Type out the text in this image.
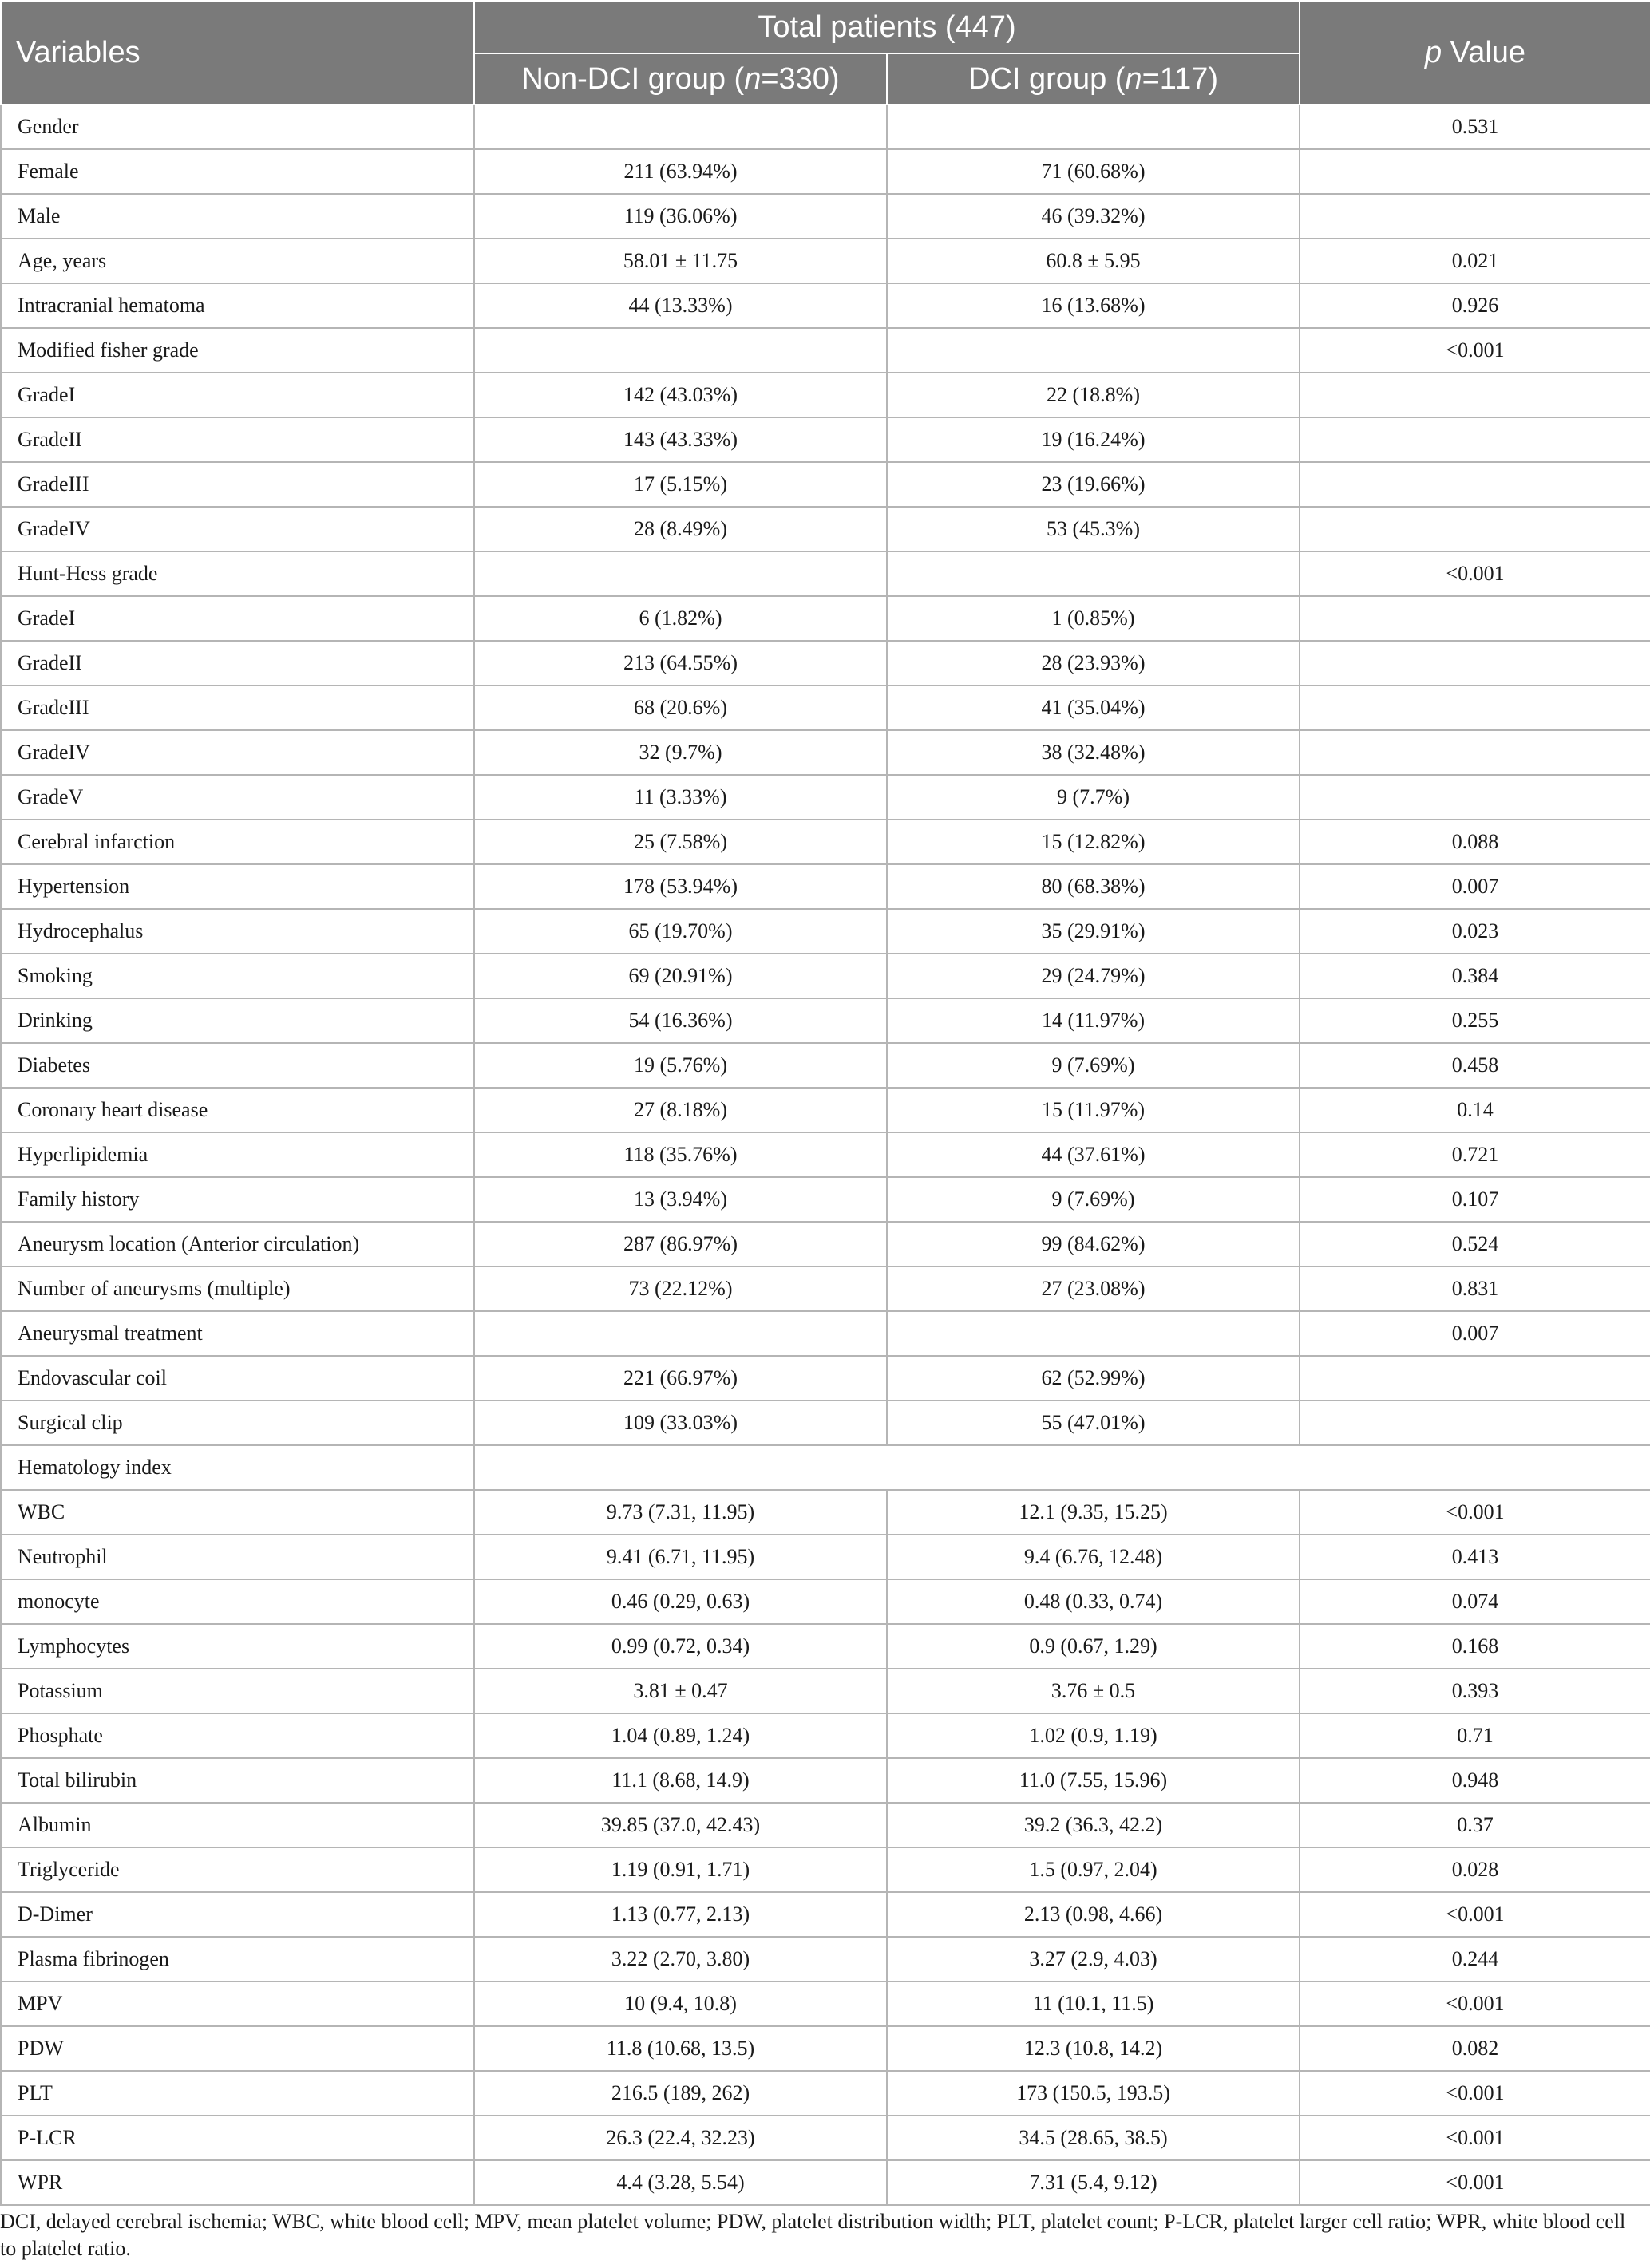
Variables	Total patients (447)		p Value
	Non-DCI group (n=330)	DCI group (n=117)	
Gender			0.531
Female	211 (63.94%)	71 (60.68%)	
Male	119 (36.06%)	46 (39.32%)	
Age, years	58.01 ± 11.75	60.8 ± 5.95	0.021
Intracranial hematoma	44 (13.33%)	16 (13.68%)	0.926
Modified fisher grade			<0.001
GradeI	142 (43.03%)	22 (18.8%)	
GradeII	143 (43.33%)	19 (16.24%)	
GradeIII	17 (5.15%)	23 (19.66%)	
GradeIV	28 (8.49%)	53 (45.3%)	
Hunt-Hess grade			<0.001
GradeI	6 (1.82%)	1 (0.85%)	
GradeII	213 (64.55%)	28 (23.93%)	
GradeIII	68 (20.6%)	41 (35.04%)	
GradeIV	32 (9.7%)	38 (32.48%)	
GradeV	11 (3.33%)	9 (7.7%)	
Cerebral infarction	25 (7.58%)	15 (12.82%)	0.088
Hypertension	178 (53.94%)	80 (68.38%)	0.007
Hydrocephalus	65 (19.70%)	35 (29.91%)	0.023
Smoking	69 (20.91%)	29 (24.79%)	0.384
Drinking	54 (16.36%)	14 (11.97%)	0.255
Diabetes	19 (5.76%)	9 (7.69%)	0.458
Coronary heart disease	27 (8.18%)	15 (11.97%)	0.14
Hyperlipidemia	118 (35.76%)	44 (37.61%)	0.721
Family history	13 (3.94%)	9 (7.69%)	0.107
Aneurysm location (Anterior circulation)	287 (86.97%)	99 (84.62%)	0.524
Number of aneurysms (multiple)	73 (22.12%)	27 (23.08%)	0.831
Aneurysmal treatment			0.007
Endovascular coil	221 (66.97%)	62 (52.99%)	
Surgical clip	109 (33.03%)	55 (47.01%)	
Hematology index			
WBC	9.73 (7.31, 11.95)	12.1 (9.35, 15.25)	<0.001
Neutrophil	9.41 (6.71, 11.95)	9.4 (6.76, 12.48)	0.413
monocyte	0.46 (0.29, 0.63)	0.48 (0.33, 0.74)	0.074
Lymphocytes	0.99 (0.72, 0.34)	0.9 (0.67, 1.29)	0.168
Potassium	3.81 ± 0.47	3.76 ± 0.5	0.393
Phosphate	1.04 (0.89, 1.24)	1.02 (0.9, 1.19)	0.71
Total bilirubin	11.1 (8.68, 14.9)	11.0 (7.55, 15.96)	0.948
Albumin	39.85 (37.0, 42.43)	39.2 (36.3, 42.2)	0.37
Triglyceride	1.19 (0.91, 1.71)	1.5 (0.97, 2.04)	0.028
D-Dimer	1.13 (0.77, 2.13)	2.13 (0.98, 4.66)	<0.001
Plasma fibrinogen	3.22 (2.70, 3.80)	3.27 (2.9, 4.03)	0.244
MPV	10 (9.4, 10.8)	11 (10.1, 11.5)	<0.001
PDW	11.8 (10.68, 13.5)	12.3 (10.8, 14.2)	0.082
PLT	216.5 (189, 262)	173 (150.5, 193.5)	<0.001
P-LCR	26.3 (22.4, 32.23)	34.5 (28.65, 38.5)	<0.001
WPR	4.4 (3.28, 5.54)	7.31 (5.4, 9.12)	<0.001
DCI, delayed cerebral ischemia; WBC, white blood cell; MPV, mean platelet volume; PDW, platelet distribution width; PLT, platelet count; P-LCR, platelet larger cell ratio; WPR, white blood cell to platelet ratio.
